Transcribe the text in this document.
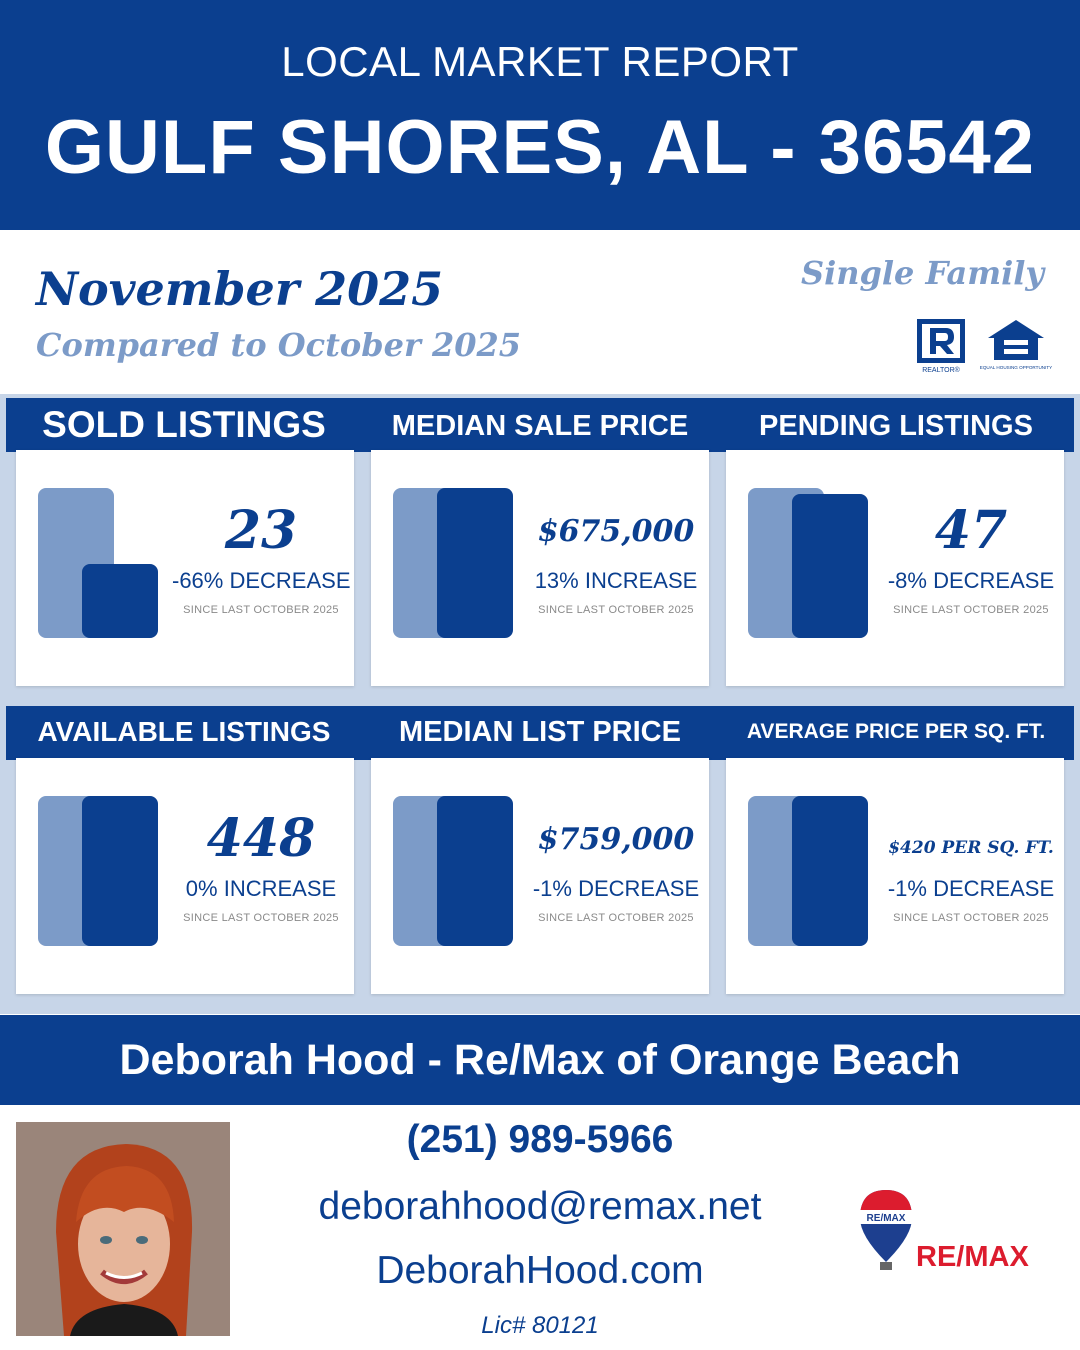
LOCAL MARKET REPORT
GULF SHORES, AL - 36542
November 2025
Compared to October 2025
Single Family
REALTOR®	EQUAL HOUSING OPPORTUNITY
SOLD LISTINGS	MEDIAN SALE PRICE	PENDING LISTINGS
23
-66% DECREASE
SINCE LAST OCTOBER 2025
$675,000
13% INCREASE
SINCE LAST OCTOBER 2025
47
-8% DECREASE
SINCE LAST OCTOBER 2025
AVAILABLE LISTINGS	MEDIAN LIST PRICE	AVERAGE PRICE PER SQ. FT.
448
0% INCREASE
SINCE LAST OCTOBER 2025
$759,000
-1% DECREASE
SINCE LAST OCTOBER 2025
$420 PER SQ. FT.
-1% DECREASE
SINCE LAST OCTOBER 2025
Deborah Hood - Re/Max of Orange Beach
(251) 989-5966
deborahhood@remax.net
DeborahHood.com
Lic# 80121
RE/MAX
RE/MAX
